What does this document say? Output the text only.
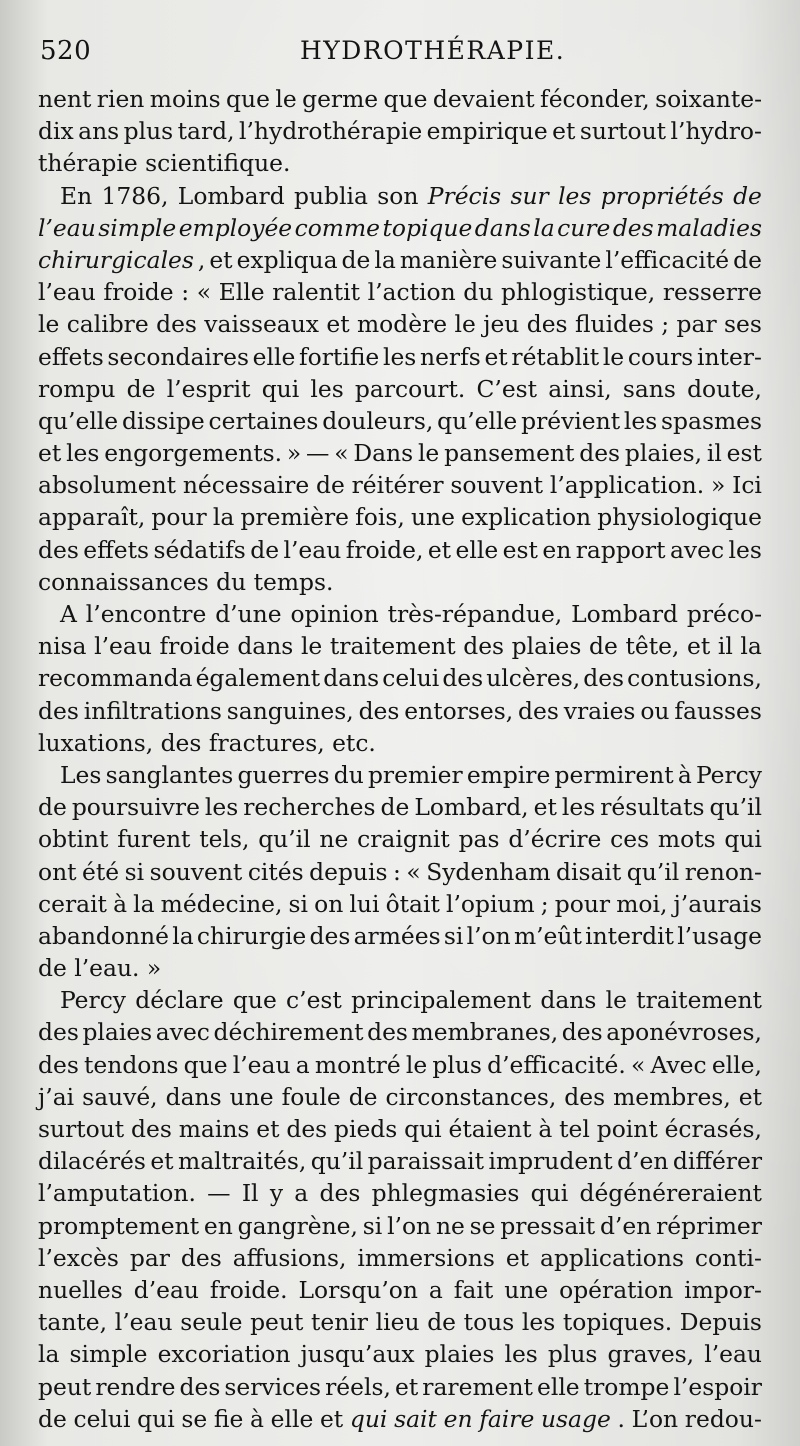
520	HYDROTHÉRAPIE.
nent rien moins que le germe que devaient féconder, soixante-
dix ans plus tard, l’hydrothérapie empirique et surtout l’hydro-
thérapie scientifique.
En 1786, Lombard publia son Précis sur les propriétés de
l’eau simple employée comme topique dans la cure des maladies
chirurgicales , et expliqua de la manière suivante l’efficacité de
l’eau froide : « Elle ralentit l’action du phlogistique, resserre
le calibre des vaisseaux et modère le jeu des fluides ; par ses
effets secondaires elle fortifie les nerfs et rétablit le cours inter-
rompu de l’esprit qui les parcourt. C’est ainsi, sans doute,
qu’elle dissipe certaines douleurs, qu’elle prévient les spasmes
et les engorgements. » — « Dans le pansement des plaies, il est
absolument nécessaire de réitérer souvent l’application. » Ici
apparaît, pour la première fois, une explication physiologique
des effets sédatifs de l’eau froide, et elle est en rapport avec les
connaissances du temps.
A l’encontre d’une opinion très-répandue, Lombard préco-
nisa l’eau froide dans le traitement des plaies de tête, et il la
recommanda également dans celui des ulcères, des contusions,
des infiltrations sanguines, des entorses, des vraies ou fausses
luxations, des fractures, etc.
Les sanglantes guerres du premier empire permirent à Percy
de poursuivre les recherches de Lombard, et les résultats qu’il
obtint furent tels, qu’il ne craignit pas d’écrire ces mots qui
ont été si souvent cités depuis : « Sydenham disait qu’il renon-
cerait à la médecine, si on lui ôtait l’opium ; pour moi, j’aurais
abandonné la chirurgie des armées si l’on m’eût interdit l’usage
de l’eau. »
Percy déclare que c’est principalement dans le traitement
des plaies avec déchirement des membranes, des aponévroses,
des tendons que l’eau a montré le plus d’efficacité. « Avec elle,
j’ai sauvé, dans une foule de circonstances, des membres, et
surtout des mains et des pieds qui étaient à tel point écrasés,
dilacérés et maltraités, qu’il paraissait imprudent d’en différer
l’amputation. — Il y a des phlegmasies qui dégénéreraient
promptement en gangrène, si l’on ne se pressait d’en réprimer
l’excès par des affusions, immersions et applications conti-
nuelles d’eau froide. Lorsqu’on a fait une opération impor-
tante, l’eau seule peut tenir lieu de tous les topiques. Depuis
la simple excoriation jusqu’aux plaies les plus graves, l’eau
peut rendre des services réels, et rarement elle trompe l’espoir
de celui qui se fie à elle et qui sait en faire usage . L’on redou-
